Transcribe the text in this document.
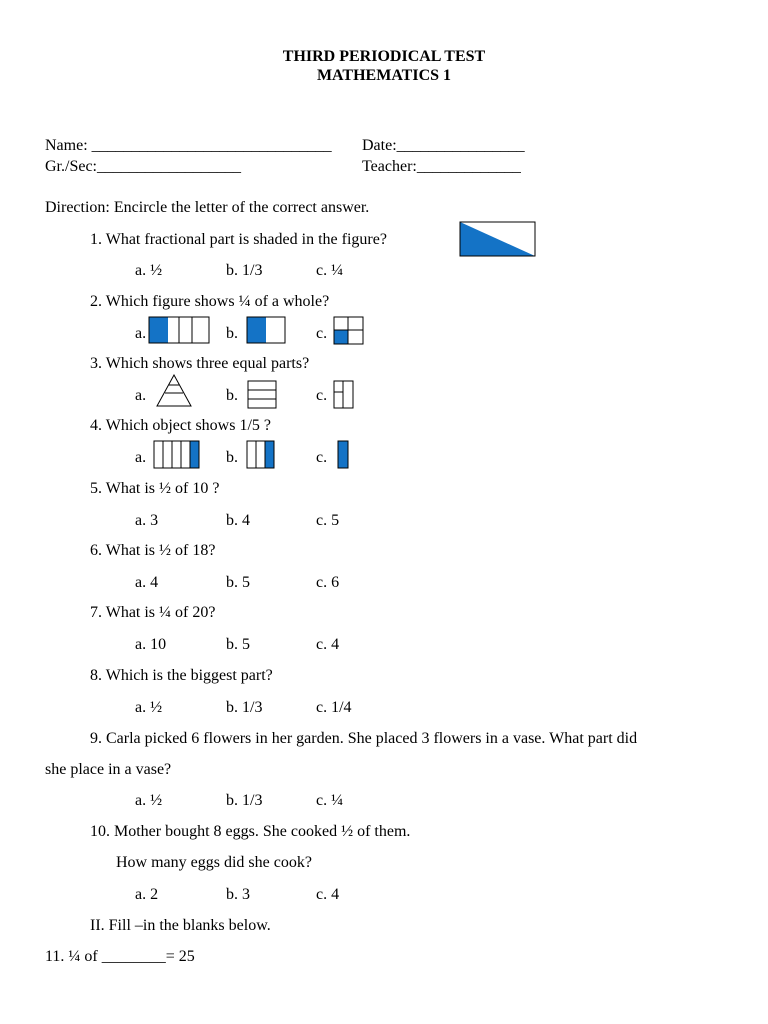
THIRD PERIODICAL TEST
MATHEMATICS 1
Name: ______________________________
Gr./Sec:__________________
Date:________________
Teacher:_____________
Direction: Encircle the letter of the correct answer.
1. What fractional part is shaded in the figure?
a. ½	b. 1/3	c. ¼
2. Which figure shows ¼ of a whole?
a.	b.	c.
3. Which shows three equal parts?
a.	b.	c.
4. Which object shows 1/5 ?
a.	b.	c.
5. What is ½ of 10 ?
a. 3	b. 4	c. 5
6. What is ½ of 18?
a. 4	b. 5	c. 6
7. What is ¼ of 20?
a. 10	b. 5	c. 4
8. Which is the biggest part?
a. ½	b. 1/3	c. 1/4
9. Carla picked 6 flowers in her garden. She placed 3 flowers in a vase. What part did
she place in a vase?
a. ½	b. 1/3	c. ¼
10. Mother bought 8 eggs. She cooked ½ of them.
How many eggs did she cook?
a. 2	b. 3	c. 4
II. Fill –in the blanks below.
11. ¼ of ________= 25
